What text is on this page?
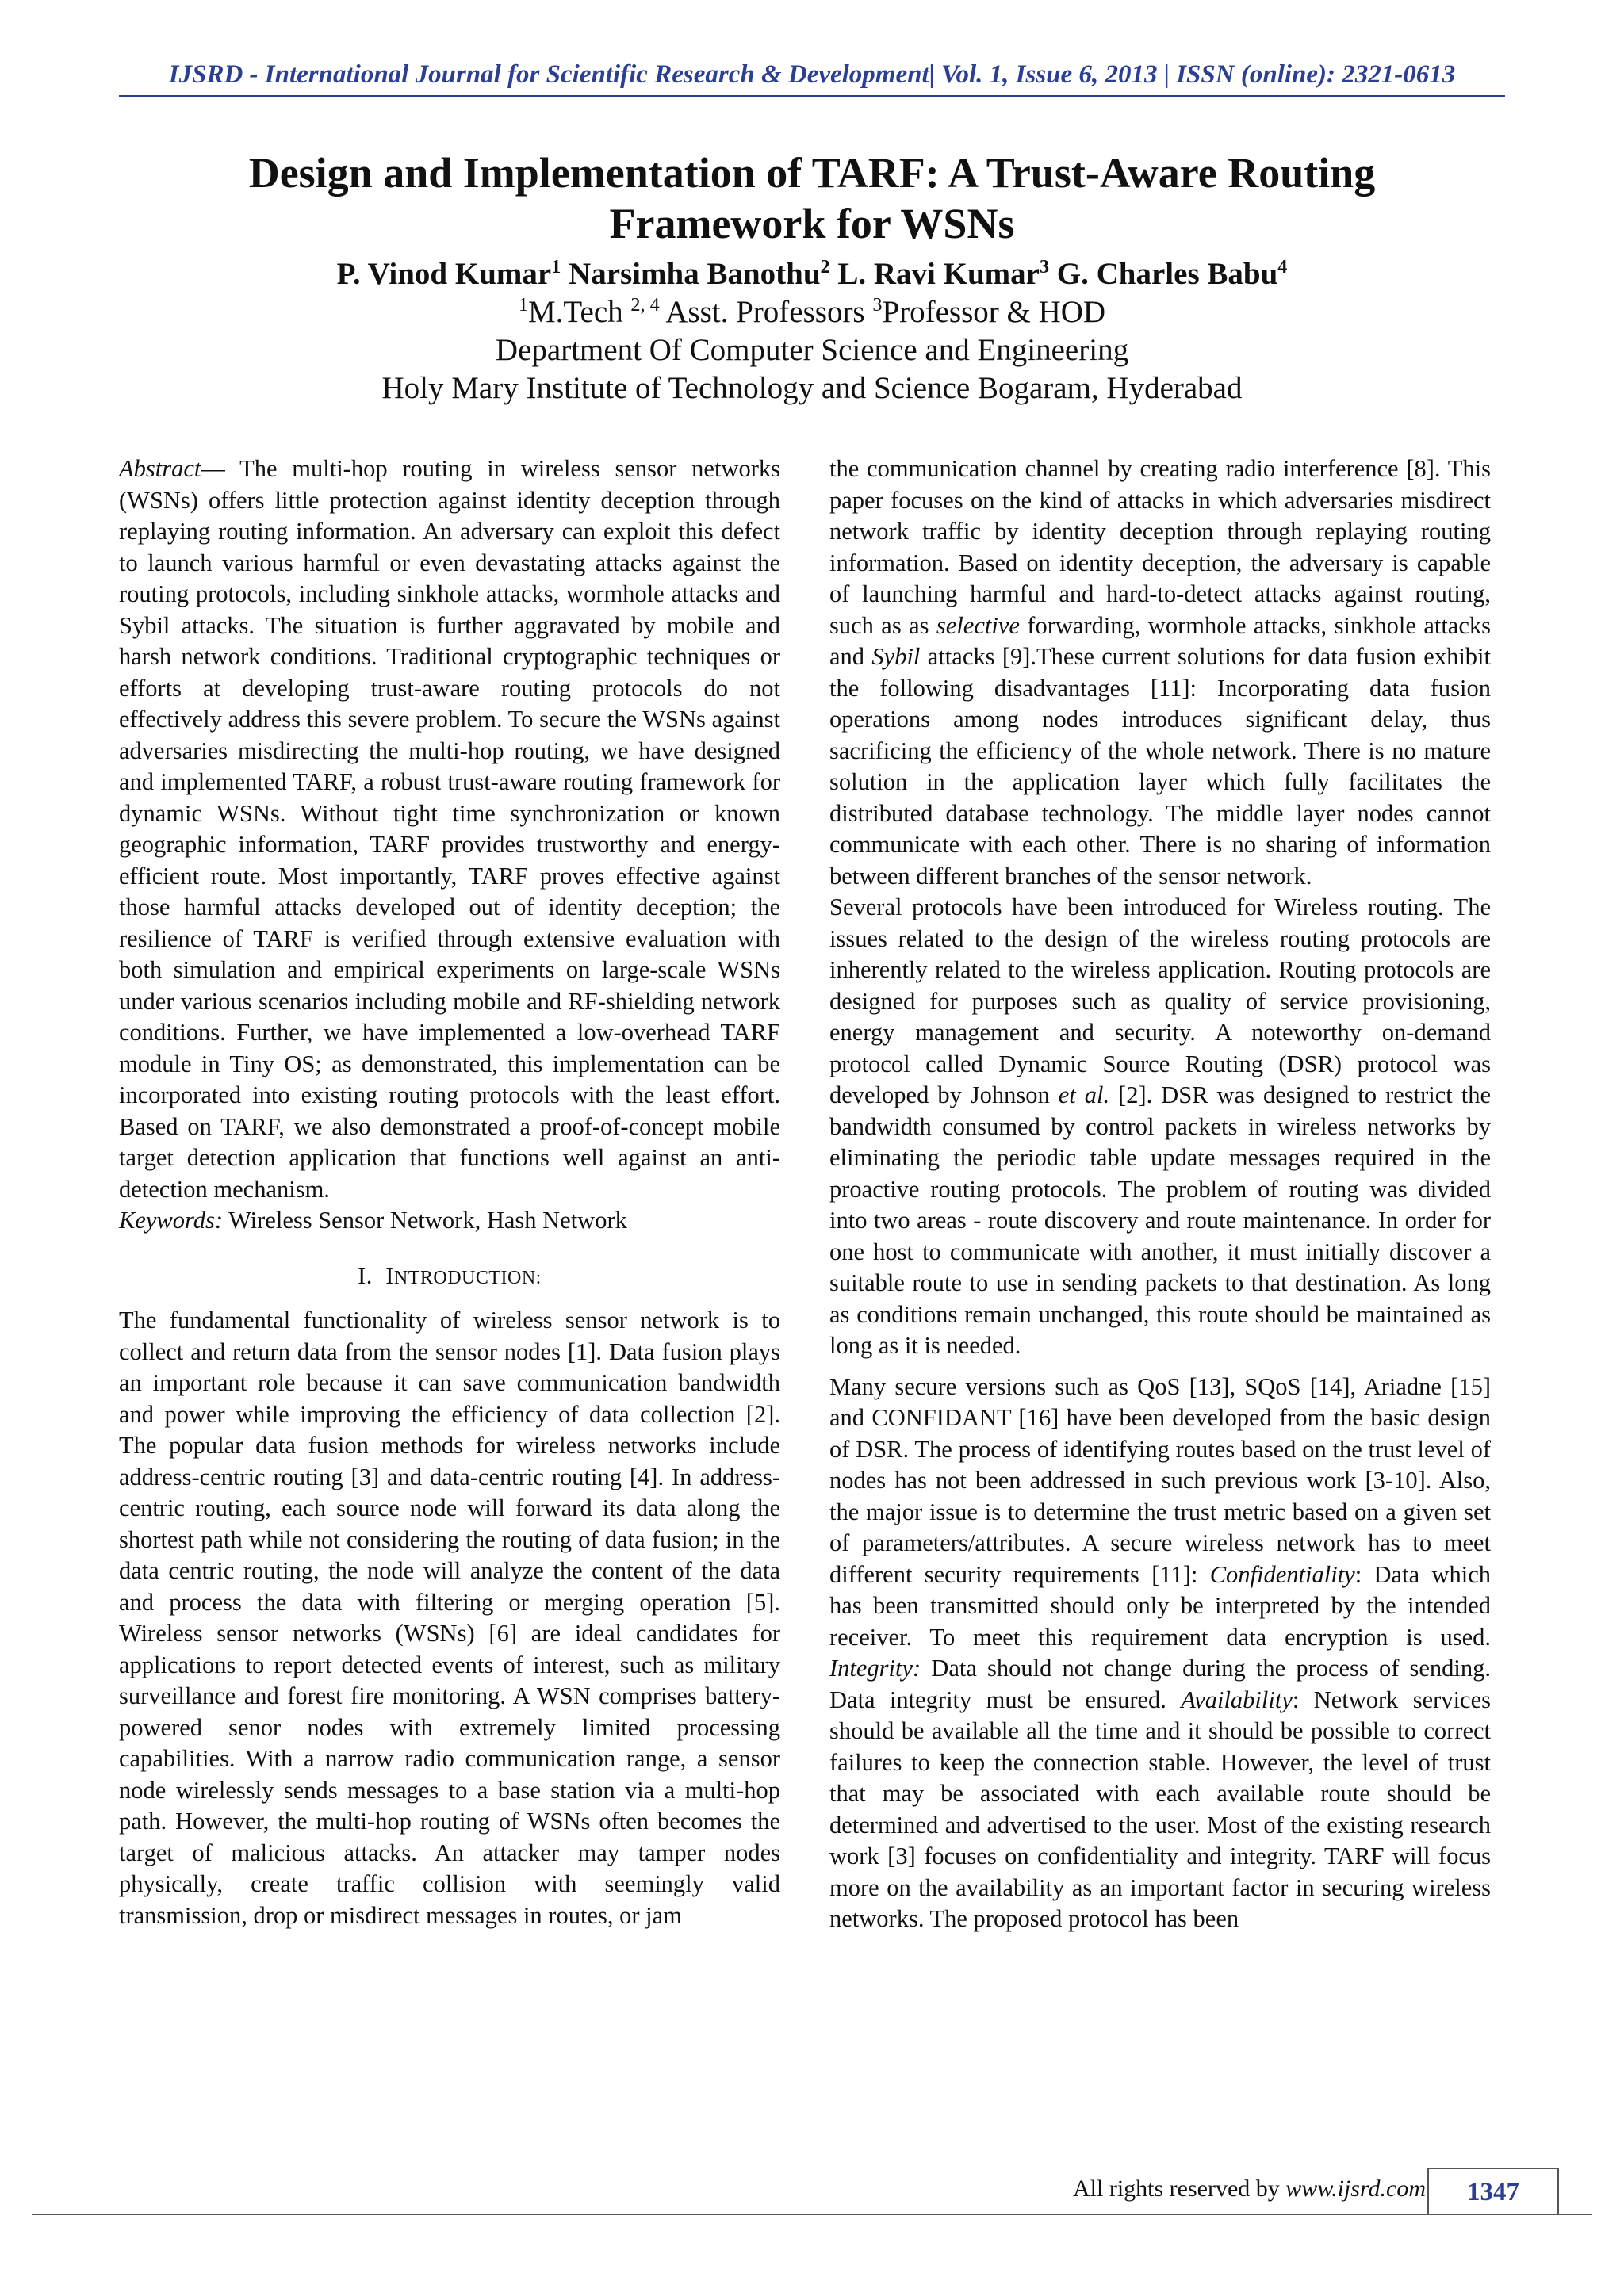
IJSRD - International Journal for Scientific Research & Development| Vol. 1, Issue 6, 2013 | ISSN (online): 2321-0613
Design and Implementation of TARF: A Trust-Aware Routing
Framework for WSNs
P. Vinod Kumar$^1$ Narsimha Banothu$^2$ L. Ravi Kumar$^3$ G. Charles Babu$^4$
$^1$M.Tech $^{2, 4}$ Asst. Professors $^3$Professor & HOD
Department Of Computer Science and Engineering
Holy Mary Institute of Technology and Science Bogaram, Hyderabad

Abstract— The multi-hop routing in wireless sensor networks (WSNs) offers little protection against identity deception through replaying routing information. An adversary can exploit this defect to launch various harmful or even devastating attacks against the routing protocols, including sinkhole attacks, wormhole attacks and Sybil attacks. The situation is further aggravated by mobile and harsh network conditions. Traditional cryptographic techniques or efforts at developing trust-aware routing protocols do not effectively address this severe problem. To secure the WSNs against adversaries misdirecting the multi-hop routing, we have designed and implemented TARF, a robust trust-aware routing framework for dynamic WSNs. Without tight time synchronization or known geographic information, TARF provides trustworthy and energy-efficient route. Most importantly, TARF proves effective against those harmful attacks developed out of identity deception; the resilience of TARF is verified through extensive evaluation with both simulation and empirical experiments on large-scale WSNs under various scenarios including mobile and RF-shielding network conditions. Further, we have implemented a low-overhead TARF module in Tiny OS; as demonstrated, this implementation can be incorporated into existing routing protocols with the least effort. Based on TARF, we also demonstrated a proof-of-concept mobile target detection application that functions well against an anti-detection mechanism.

Keywords: Wireless Sensor Network, Hash Network

I. INTRODUCTION:

The fundamental functionality of wireless sensor network is to collect and return data from the sensor nodes [1]. Data fusion plays an important role because it can save communication bandwidth and power while improving the efficiency of data collection [2]. The popular data fusion methods for wireless networks include address-centric routing [3] and data-centric routing [4]. In address-centric routing, each source node will forward its data along the shortest path while not considering the routing of data fusion; in the data centric routing, the node will analyze the content of the data and process the data with filtering or merging operation [5]. Wireless sensor networks (WSNs) [6] are ideal candidates for applications to report detected events of interest, such as military surveillance and forest fire monitoring. A WSN comprises battery-powered senor nodes with extremely limited processing capabilities. With a narrow radio communication range, a sensor node wirelessly sends messages to a base station via a multi-hop path. However, the multi-hop routing of WSNs often becomes the target of malicious attacks. An attacker may tamper nodes physically, create traffic collision with seemingly valid transmission, drop or misdirect messages in routes, or jam

the communication channel by creating radio interference [8]. This paper focuses on the kind of attacks in which adversaries misdirect network traffic by identity deception through replaying routing information. Based on identity deception, the adversary is capable of launching harmful and hard-to-detect attacks against routing, such as as selective forwarding, wormhole attacks, sinkhole attacks and Sybil attacks [9].These current solutions for data fusion exhibit the following disadvantages [11]: Incorporating data fusion operations among nodes introduces significant delay, thus sacrificing the efficiency of the whole network. There is no mature solution in the application layer which fully facilitates the distributed database technology. The middle layer nodes cannot communicate with each other. There is no sharing of information between different branches of the sensor network.

Several protocols have been introduced for Wireless routing. The issues related to the design of the wireless routing protocols are inherently related to the wireless application. Routing protocols are designed for purposes such as quality of service provisioning, energy management and security. A noteworthy on-demand protocol called Dynamic Source Routing (DSR) protocol was developed by Johnson et al. [2]. DSR was designed to restrict the bandwidth consumed by control packets in wireless networks by eliminating the periodic table update messages required in the proactive routing protocols. The problem of routing was divided into two areas - route discovery and route maintenance. In order for one host to communicate with another, it must initially discover a suitable route to use in sending packets to that destination. As long as conditions remain unchanged, this route should be maintained as long as it is needed.

Many secure versions such as QoS [13], SQoS [14], Ariadne [15] and CONFIDANT [16] have been developed from the basic design of DSR. The process of identifying routes based on the trust level of nodes has not been addressed in such previous work [3-10]. Also, the major issue is to determine the trust metric based on a given set of parameters/attributes. A secure wireless network has to meet different security requirements [11]: Confidentiality: Data which has been transmitted should only be interpreted by the intended receiver. To meet this requirement data encryption is used. Integrity: Data should not change during the process of sending. Data integrity must be ensured. Availability: Network services should be available all the time and it should be possible to correct failures to keep the connection stable. However, the level of trust that may be associated with each available route should be determined and advertised to the user. Most of the existing research work [3] focuses on confidentiality and integrity. TARF will focus more on the availability as an important factor in securing wireless networks. The proposed protocol has been

All rights reserved by www.ijsrd.com	1347
